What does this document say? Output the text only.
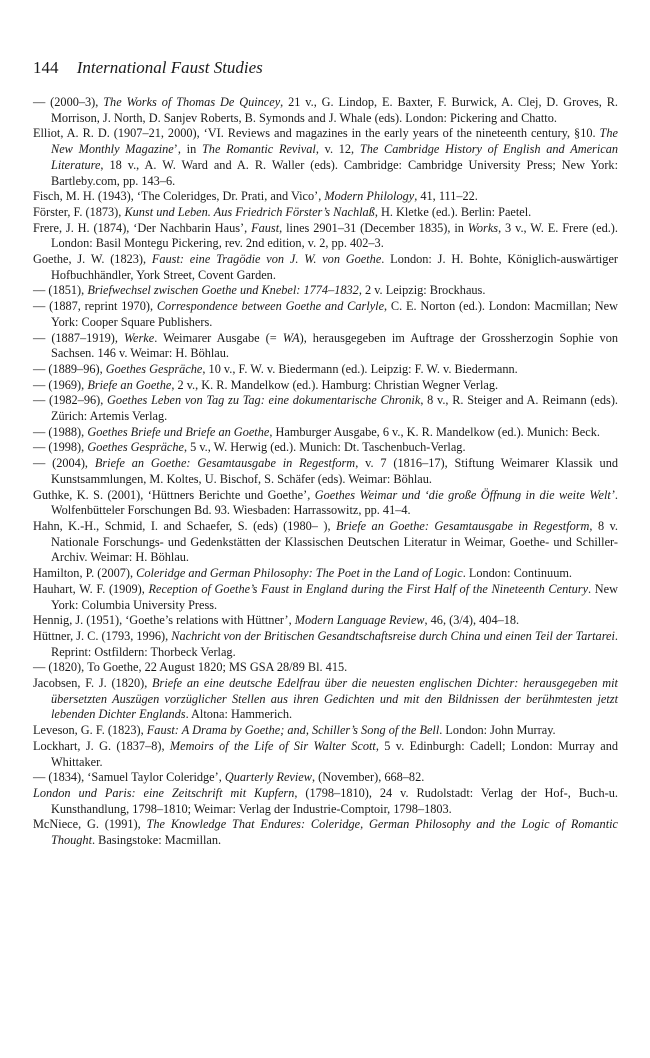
144 International Faust Studies

— (2000–3), The Works of Thomas De Quincey, 21 v., G. Lindop, E. Baxter, F. Burwick, A. Clej, D. Groves, R. Morrison, J. North, D. Sanjev Roberts, B. Symonds and J. Whale (eds). London: Pickering and Chatto.

Elliot, A. R. D. (1907–21, 2000), ‘VI. Reviews and magazines in the early years of the nineteenth century, §10. The New Monthly Magazine’, in The Romantic Revival, v. 12, The Cambridge History of English and American Literature, 18 v., A. W. Ward and A. R. Waller (eds). Cambridge: Cambridge University Press; New York: Bartleby.com, pp. 143–6.

Fisch, M. H. (1943), ‘The Coleridges, Dr. Prati, and Vico’, Modern Philology, 41, 111–22.

Förster, F. (1873), Kunst und Leben. Aus Friedrich Förster’s Nachlaß, H. Kletke (ed.). Berlin: Paetel.

Frere, J. H. (1874), ‘Der Nachbarin Haus’, Faust, lines 2901–31 (December 1835), in Works, 3 v., W. E. Frere (ed.). London: Basil Montegu Pickering, rev. 2nd edition, v. 2, pp. 402–3.

Goethe, J. W. (1823), Faust: eine Tragödie von J. W. von Goethe. London: J. H. Bohte, Königlich-auswärtiger Hofbuchhändler, York Street, Covent Garden.

— (1851), Briefwechsel zwischen Goethe und Knebel: 1774–1832, 2 v. Leipzig: Brockhaus.

— (1887, reprint 1970), Correspondence between Goethe and Carlyle, C. E. Norton (ed.). London: Macmillan; New York: Cooper Square Publishers.

— (1887–1919), Werke. Weimarer Ausgabe (= WA), herausgegeben im Auftrage der Grossherzogin Sophie von Sachsen. 146 v. Weimar: H. Böhlau.

— (1889–96), Goethes Gespräche, 10 v., F. W. v. Biedermann (ed.). Leipzig: F. W. v. Biedermann.

— (1969), Briefe an Goethe, 2 v., K. R. Mandelkow (ed.). Hamburg: Christian Wegner Verlag.

— (1982–96), Goethes Leben von Tag zu Tag: eine dokumentarische Chronik, 8 v., R. Steiger and A. Reimann (eds). Zürich: Artemis Verlag.

— (1988), Goethes Briefe und Briefe an Goethe, Hamburger Ausgabe, 6 v., K. R. Mandelkow (ed.). Munich: Beck.

— (1998), Goethes Gespräche, 5 v., W. Herwig (ed.). Munich: Dt. Taschenbuch-Verlag.

— (2004), Briefe an Goethe: Gesamtausgabe in Regestform, v. 7 (1816–17), Stiftung Weimarer Klassik und Kunstsammlungen, M. Koltes, U. Bischof, S. Schäfer (eds). Weimar: Böhlau.

Guthke, K. S. (2001), ‘Hüttners Berichte und Goethe’, Goethes Weimar und ‘die große Öffnung in die weite Welt’. Wolfenbütteler Forschungen Bd. 93. Wiesbaden: Harrassowitz, pp. 41–4.

Hahn, K.-H., Schmid, I. and Schaefer, S. (eds) (1980– ), Briefe an Goethe: Gesamtausgabe in Regestform, 8 v. Nationale Forschungs- und Gedenkstätten der Klassischen Deutschen Literatur in Weimar, Goethe- und Schiller-Archiv. Weimar: H. Böhlau.

Hamilton, P. (2007), Coleridge and German Philosophy: The Poet in the Land of Logic. London: Continuum.

Hauhart, W. F. (1909), Reception of Goethe’s Faust in England during the First Half of the Nineteenth Century. New York: Columbia University Press.

Hennig, J. (1951), ‘Goethe’s relations with Hüttner’, Modern Language Review, 46, (3/4), 404–18.

Hüttner, J. C. (1793, 1996), Nachricht von der Britischen Gesandtschaftsreise durch China und einen Teil der Tartarei. Reprint: Ostfildern: Thorbeck Verlag.

— (1820), To Goethe, 22 August 1820; MS GSA 28/89 Bl. 415.

Jacobsen, F. J. (1820), Briefe an eine deutsche Edelfrau über die neuesten englischen Dichter: herausgegeben mit übersetzten Auszügen vorzüglicher Stellen aus ihren Gedichten und mit den Bildnissen der berühmtesten jetzt lebenden Dichter Englands. Altona: Hammerich.

Leveson, G. F. (1823), Faust: A Drama by Goethe; and, Schiller’s Song of the Bell. London: John Murray.

Lockhart, J. G. (1837–8), Memoirs of the Life of Sir Walter Scott, 5 v. Edinburgh: Cadell; London: Murray and Whittaker.

— (1834), ‘Samuel Taylor Coleridge’, Quarterly Review, (November), 668–82.

London und Paris: eine Zeitschrift mit Kupfern, (1798–1810), 24 v. Rudolstadt: Verlag der Hof-, Buch-u. Kunsthandlung, 1798–1810; Weimar: Verlag der Industrie-Comptoir, 1798–1803.

McNiece, G. (1991), The Knowledge That Endures: Coleridge, German Philosophy and the Logic of Romantic Thought. Basingstoke: Macmillan.
